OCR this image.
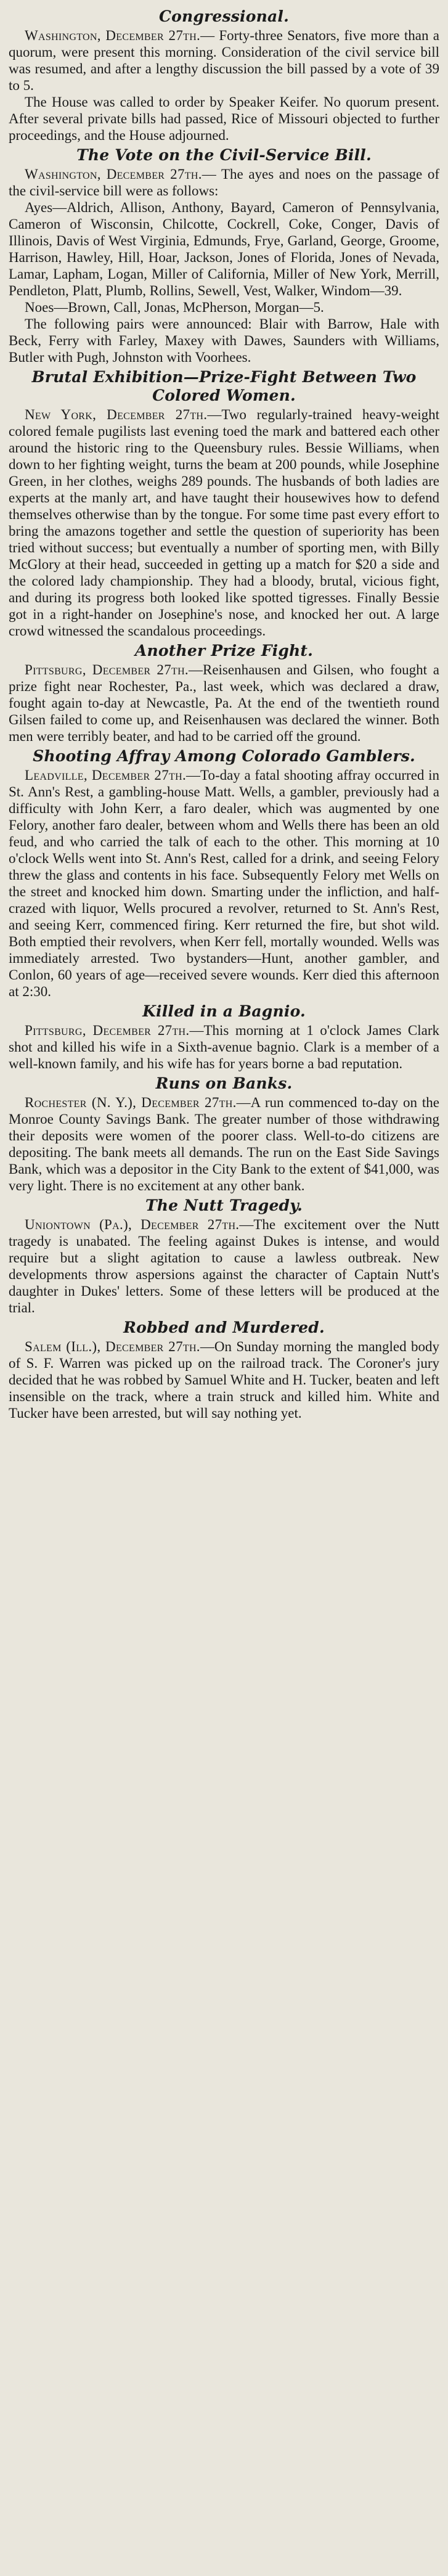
Congressional.

Washington, December 27th.— Forty-three Senators, five more than a quorum, were present this morning. Consideration of the civil service bill was resumed, and after a lengthy discussion the bill passed by a vote of 39 to 5.

The House was called to order by Speaker Keifer. No quorum present. After several private bills had passed, Rice of Missouri objected to further proceedings, and the House adjourned.

The Vote on the Civil-Service Bill.

Washington, December 27th.— The ayes and noes on the passage of the civil-service bill were as follows:

Ayes—Aldrich, Allison, Anthony, Bayard, Cameron of Pennsylvania, Cameron of Wisconsin, Chilcotte, Cockrell, Coke, Conger, Davis of Illinois, Davis of West Virginia, Edmunds, Frye, Garland, George, Groome, Harrison, Hawley, Hill, Hoar, Jackson, Jones of Florida, Jones of Nevada, Lamar, Lapham, Logan, Miller of California, Miller of New York, Merrill, Pendleton, Platt, Plumb, Rollins, Sewell, Vest, Walker, Windom—39.

Noes—Brown, Call, Jonas, McPherson, Morgan—5.

The following pairs were announced: Blair with Barrow, Hale with Beck, Ferry with Farley, Maxey with Dawes, Saunders with Williams, Butler with Pugh, Johnston with Voorhees.

Brutal Exhibition—Prize-Fight Between Two Colored Women.

New York, December 27th.—Two regularly-trained heavy-weight colored female pugilists last evening toed the mark and battered each other around the historic ring to the Queensbury rules. Bessie Williams, when down to her fighting weight, turns the beam at 200 pounds, while Josephine Green, in her clothes, weighs 289 pounds. The husbands of both ladies are experts at the manly art, and have taught their housewives how to defend themselves otherwise than by the tongue. For some time past every effort to bring the amazons together and settle the question of superiority has been tried without success; but eventually a number of sporting men, with Billy McGlory at their head, succeeded in getting up a match for $20 a side and the colored lady championship. They had a bloody, brutal, vicious fight, and during its progress both looked like spotted tigresses. Finally Bessie got in a right-hander on Josephine's nose, and knocked her out. A large crowd witnessed the scandalous proceedings.

Another Prize Fight.

Pittsburg, December 27th.—Reisenhausen and Gilsen, who fought a prize fight near Rochester, Pa., last week, which was declared a draw, fought again to-day at Newcastle, Pa. At the end of the twentieth round Gilsen failed to come up, and Reisenhausen was declared the winner. Both men were terribly beater, and had to be carried off the ground.

Shooting Affray Among Colorado Gamblers.

Leadville, December 27th.—To-day a fatal shooting affray occurred in St. Ann's Rest, a gambling-house Matt. Wells, a gambler, previously had a difficulty with John Kerr, a faro dealer, which was augmented by one Felory, another faro dealer, between whom and Wells there has been an old feud, and who carried the talk of each to the other. This morning at 10 o'clock Wells went into St. Ann's Rest, called for a drink, and seeing Felory threw the glass and contents in his face. Subsequently Felory met Wells on the street and knocked him down. Smarting under the infliction, and half-crazed with liquor, Wells procured a revolver, returned to St. Ann's Rest, and seeing Kerr, commenced firing. Kerr returned the fire, but shot wild. Both emptied their revolvers, when Kerr fell, mortally wounded. Wells was immediately arrested. Two bystanders—Hunt, another gambler, and Conlon, 60 years of age—received severe wounds. Kerr died this afternoon at 2:30.

Killed in a Bagnio.

Pittsburg, December 27th.—This morning at 1 o'clock James Clark shot and killed his wife in a Sixth-avenue bagnio. Clark is a member of a well-known family, and his wife has for years borne a bad reputation.

Runs on Banks.

Rochester (N. Y.), December 27th.—A run commenced to-day on the Monroe County Savings Bank. The greater number of those withdrawing their deposits were women of the poorer class. Well-to-do citizens are depositing. The bank meets all demands. The run on the East Side Savings Bank, which was a depositor in the City Bank to the extent of $41,000, was very light. There is no excitement at any other bank.

The Nutt Tragedy.

Uniontown (Pa.), December 27th.—The excitement over the Nutt tragedy is unabated. The feeling against Dukes is intense, and would require but a slight agitation to cause a lawless outbreak. New developments throw aspersions against the character of Captain Nutt's daughter in Dukes' letters. Some of these letters will be produced at the trial.

Robbed and Murdered.

Salem (Ill.), December 27th.—On Sunday morning the mangled body of S. F. Warren was picked up on the railroad track. The Coroner's jury decided that he was robbed by Samuel White and H. Tucker, beaten and left insensible on the track, where a train struck and killed him. White and Tucker have been arrested, but will say nothing yet.
